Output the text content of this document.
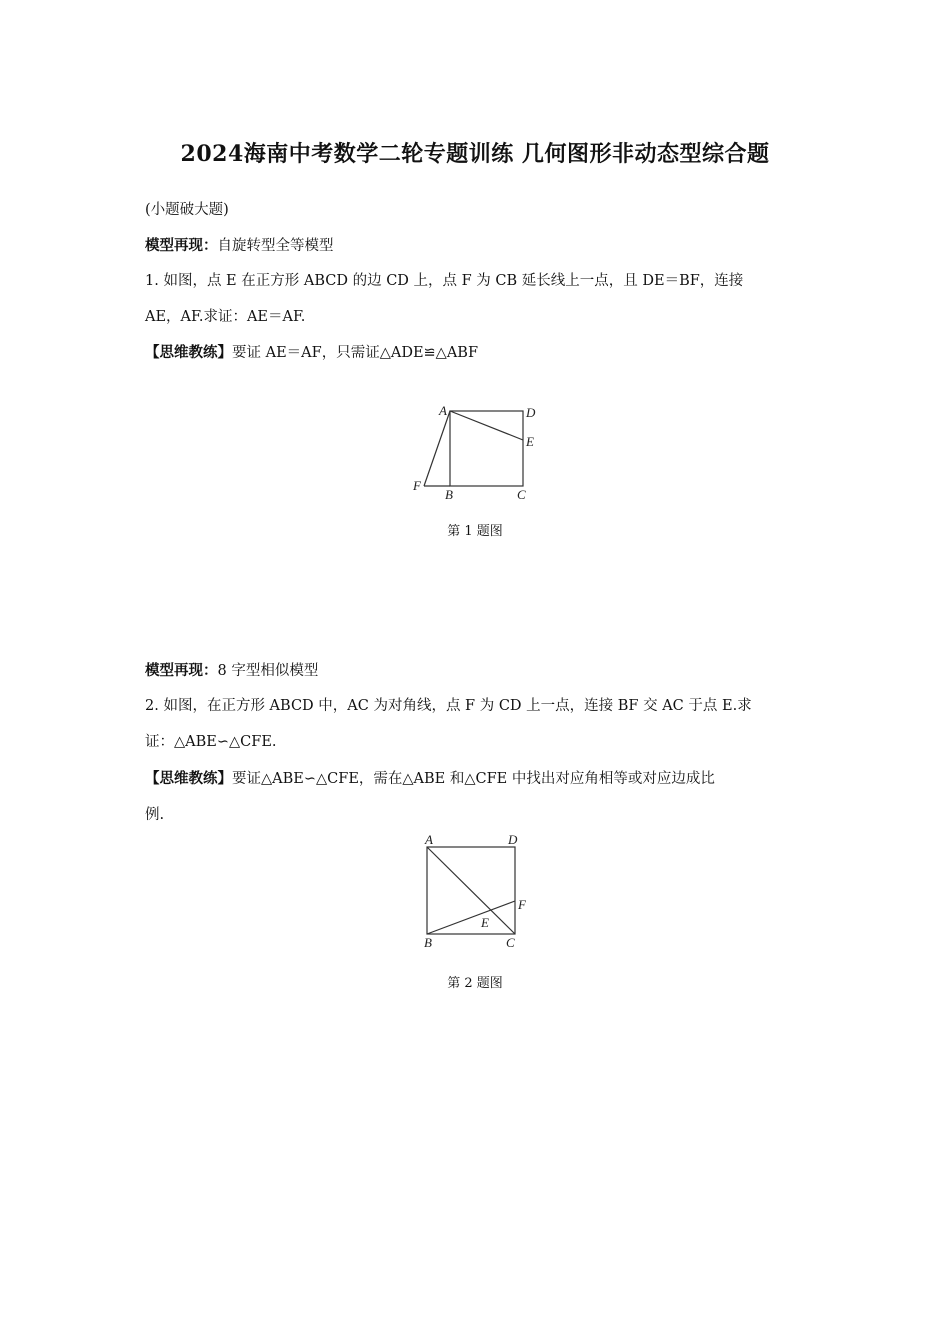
2024海南中考数学二轮专题训练 几何图形非动态型综合题
(小题破大题)
模型再现：自旋转型全等模型
1. 如图，点 E 在正方形 ABCD 的边 CD 上，点 F 为 CB 延长线上一点，且 DE＝BF，连接
AE，AF.求证：AE＝AF.
【思维教练】要证 AE＝AF，只需证△ADE≌△ABF
A	D
E
F
B	C
A	D
F
E
B	C
第 1 题图
模型再现：8 字型相似模型
2. 如图，在正方形 ABCD 中，AC 为对角线，点 F 为 CD 上一点，连接 BF 交 AC 于点 E.求
证：△ABE∽△CFE.
【思维教练】要证△ABE∽△CFE，需在△ABE 和△CFE 中找出对应角相等或对应边成比
例.
第 2 题图
